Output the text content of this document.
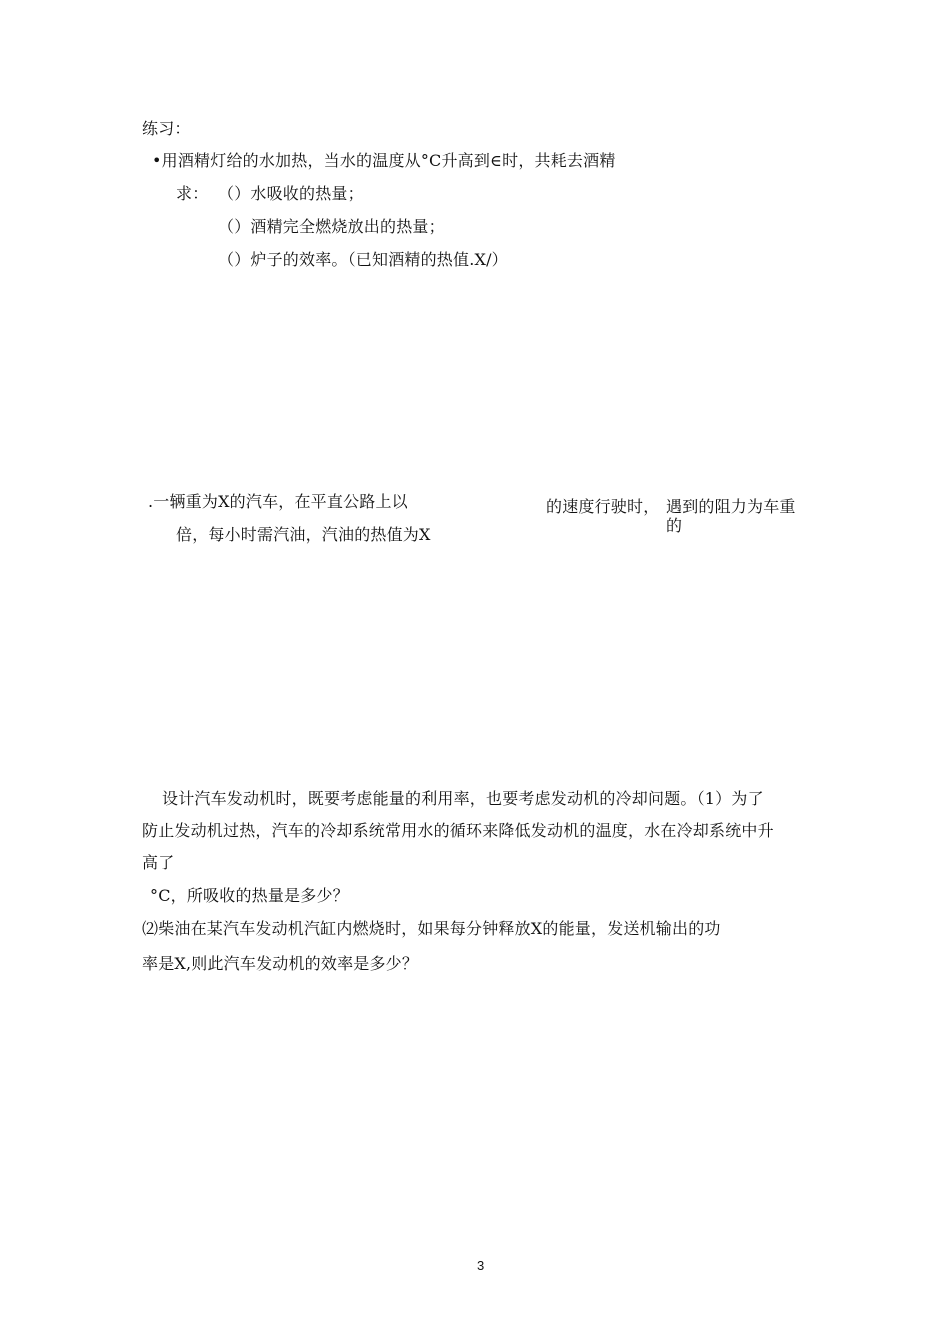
练习：
•用酒精灯给的水加热，当水的温度从°C升高到∈时，共耗去酒精
求： （）水吸收的热量；
（）酒精完全燃烧放出的热量；
（）炉子的效率。（已知酒精的热值.X/）
.一辆重为X的汽车，在平直公路上以	的速度行驶时， 遇到的阻力为车重
的
倍，每小时需汽油，汽油的热值为X
设计汽车发动机时，既要考虑能量的利用率，也要考虑发动机的冷却问题。（1）为了
防止发动机过热，汽车的冷却系统常用水的循环来降低发动机的温度，水在冷却系统中升
高了
°C，所吸收的热量是多少？
⑵柴油在某汽车发动机汽缸内燃烧时，如果每分钟释放X的能量，发送机输出的功
率是X,则此汽车发动机的效率是多少？
3
